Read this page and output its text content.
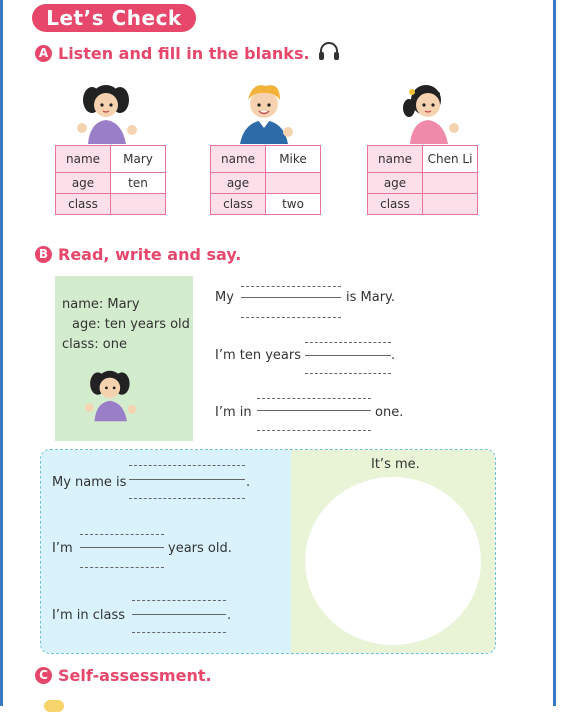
Let’s Check
A Listen and fill in the blanks.
name	Mary
age	ten
class	
name	Mike
age	
class	two
name	Chen Li
age	
class	
B Read, write and say.
name: Mary
age: ten years old
class: one
My	is Mary.
I’m ten years	.
I’m in	one.
It’s me.
My name is	.
I’m	years old.
I’m in class	.
C Self-assessment.
